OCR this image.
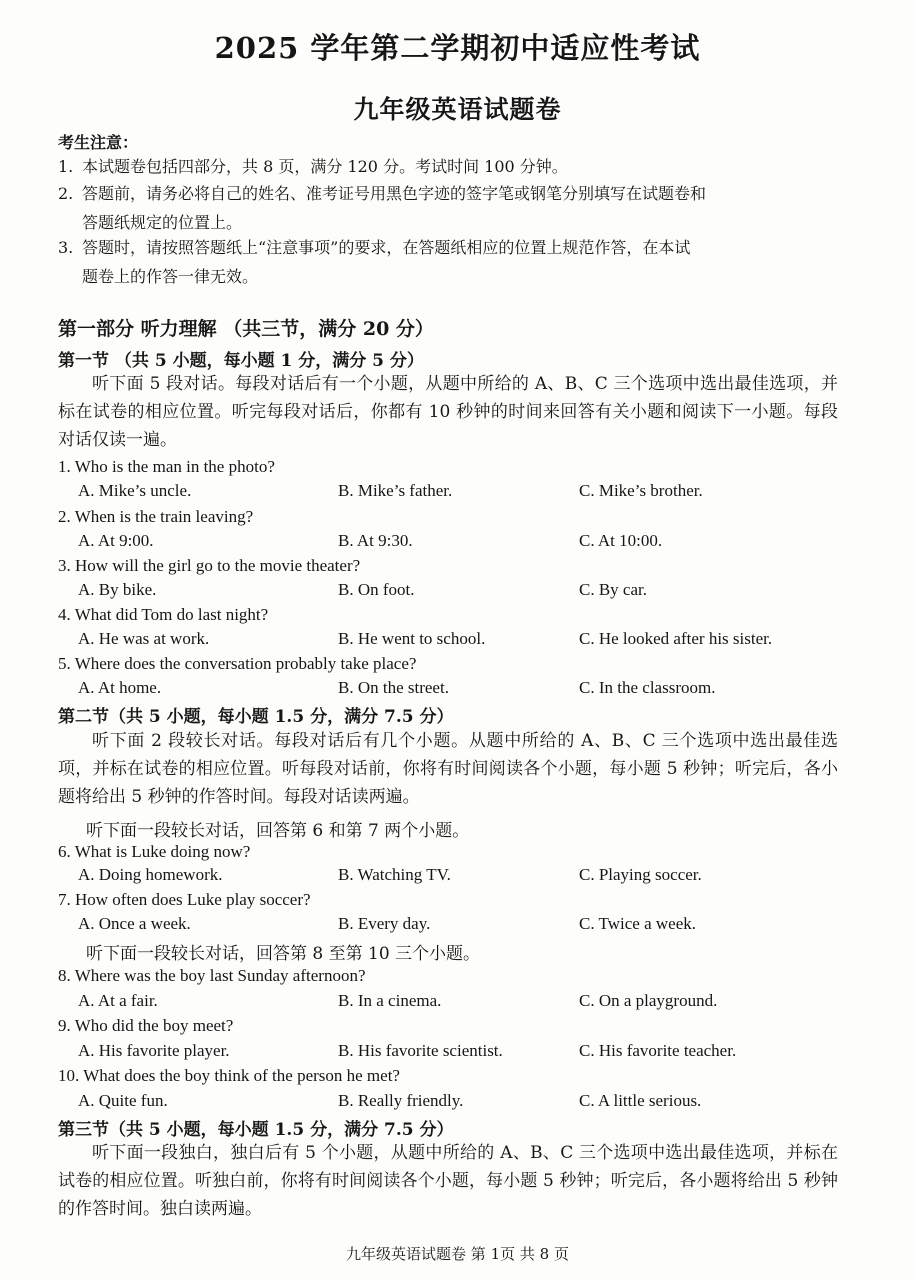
2025 学年第二学期初中适应性考试
九年级英语试题卷
考生注意：
1. 本试题卷包括四部分，共 8 页，满分 120 分。考试时间 100 分钟。
2. 答题前，请务必将自己的姓名、准考证号用黑色字迹的签字笔或钢笔分别填写在试题卷和
答题纸规定的位置上。
3. 答题时，请按照答题纸上“注意事项”的要求，在答题纸相应的位置上规范作答，在本试
题卷上的作答一律无效。
第一部分 听力理解 （共三节，满分 20 分）
第一节 （共 5 小题，每小题 1 分，满分 5 分）
听下面 5 段对话。每段对话后有一个小题，从题中所给的 A、B、C 三个选项中选出最佳选项，并标在试卷的相应位置。听完每段对话后，你都有 10 秒钟的时间来回答有关小题和阅读下一小题。每段对话仅读一遍。
1. Who is the man in the photo?
A. Mike’s uncle.	B. Mike’s father.	C. Mike’s brother.
2. When is the train leaving?
A. At 9:00.	B. At 9:30.	C. At 10:00.
3. How will the girl go to the movie theater?
A. By bike.	B. On foot.	C. By car.
4. What did Tom do last night?
A. He was at work.	B. He went to school.	C. He looked after his sister.
5. Where does the conversation probably take place?
A. At home.	B. On the street.	C. In the classroom.
第二节（共 5 小题，每小题 1.5 分，满分 7.5 分）
听下面 2 段较长对话。每段对话后有几个小题。从题中所给的 A、B、C 三个选项中选出最佳选项，并标在试卷的相应位置。听每段对话前，你将有时间阅读各个小题，每小题 5 秒钟；听完后，各小题将给出 5 秒钟的作答时间。每段对话读两遍。
听下面一段较长对话，回答第 6 和第 7 两个小题。
6. What is Luke doing now?
A. Doing homework.	B. Watching TV.	C. Playing soccer.
7. How often does Luke play soccer?
A. Once a week.	B. Every day.	C. Twice a week.
听下面一段较长对话，回答第 8 至第 10 三个小题。
8. Where was the boy last Sunday afternoon?
A. At a fair.	B. In a cinema.	C. On a playground.
9. Who did the boy meet?
A. His favorite player.	B. His favorite scientist.	C. His favorite teacher.
10. What does the boy think of the person he met?
A. Quite fun.	B. Really friendly.	C. A little serious.
第三节（共 5 小题，每小题 1.5 分，满分 7.5 分）
听下面一段独白，独白后有 5 个小题，从题中所给的 A、B、C 三个选项中选出最佳选项，并标在试卷的相应位置。听独白前，你将有时间阅读各个小题，每小题 5 秒钟；听完后，各小题将给出 5 秒钟的作答时间。独白读两遍。
九年级英语试题卷 第 1页 共 8 页
